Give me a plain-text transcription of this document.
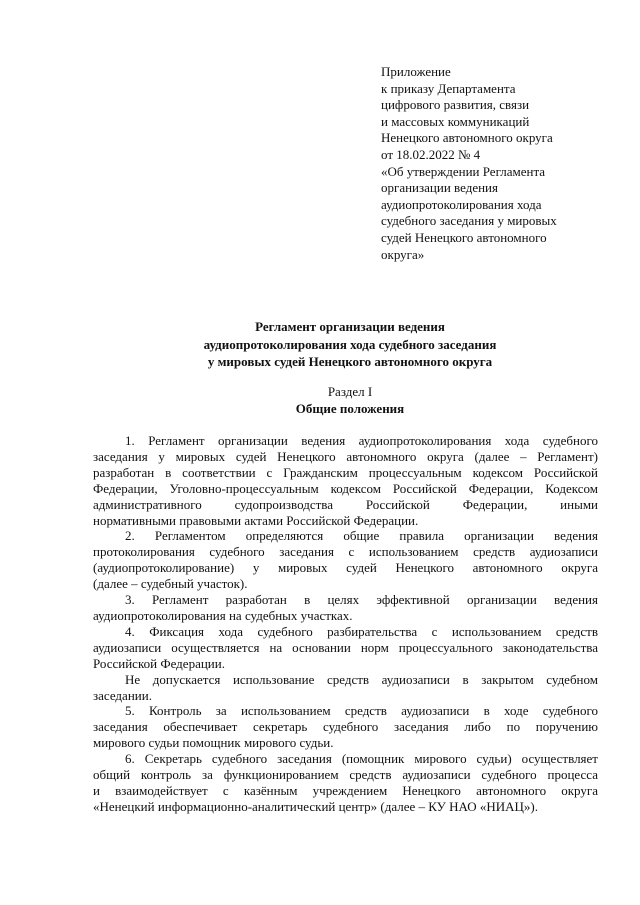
Приложение
к приказу Департамента
цифрового развития, связи
и массовых коммуникаций
Ненецкого автономного округа
от 18.02.2022 № 4
«Об утверждении Регламента
организации ведения
аудиопротоколирования хода
судебного заседания у мировых
судей Ненецкого автономного
округа»
Регламент организации ведения
аудиопротоколирования хода судебного заседания
у мировых судей Ненецкого автономного округа
Раздел I
Общие положения
1. Регламент организации ведения аудиопротоколирования хода судебного
заседания у мировых судей Ненецкого автономного округа (далее – Регламент)
разработан в соответствии с Гражданским процессуальным кодексом Российской
Федерации, Уголовно-процессуальным кодексом Российской Федерации, Кодексом
административного судопроизводства Российской Федерации, иными
нормативными правовыми актами Российской Федерации.
2. Регламентом определяются общие правила организации ведения
протоколирования судебного заседания с использованием средств аудиозаписи
(аудиопротоколирование) у мировых судей Ненецкого автономного округа
(далее – судебный участок).
3. Регламент разработан в целях эффективной организации ведения
аудиопротоколирования на судебных участках.
4. Фиксация хода судебного разбирательства с использованием средств
аудиозаписи осуществляется на основании норм процессуального законодательства
Российской Федерации.
Не допускается использование средств аудиозаписи в закрытом судебном
заседании.
5. Контроль за использованием средств аудиозаписи в ходе судебного
заседания обеспечивает секретарь судебного заседания либо по поручению
мирового судьи помощник мирового судьи.
6. Секретарь судебного заседания (помощник мирового судьи) осуществляет
общий контроль за функционированием средств аудиозаписи судебного процесса
и взаимодействует с казённым учреждением Ненецкого автономного округа
«Ненецкий информационно-аналитический центр» (далее – КУ НАО «НИАЦ»).
